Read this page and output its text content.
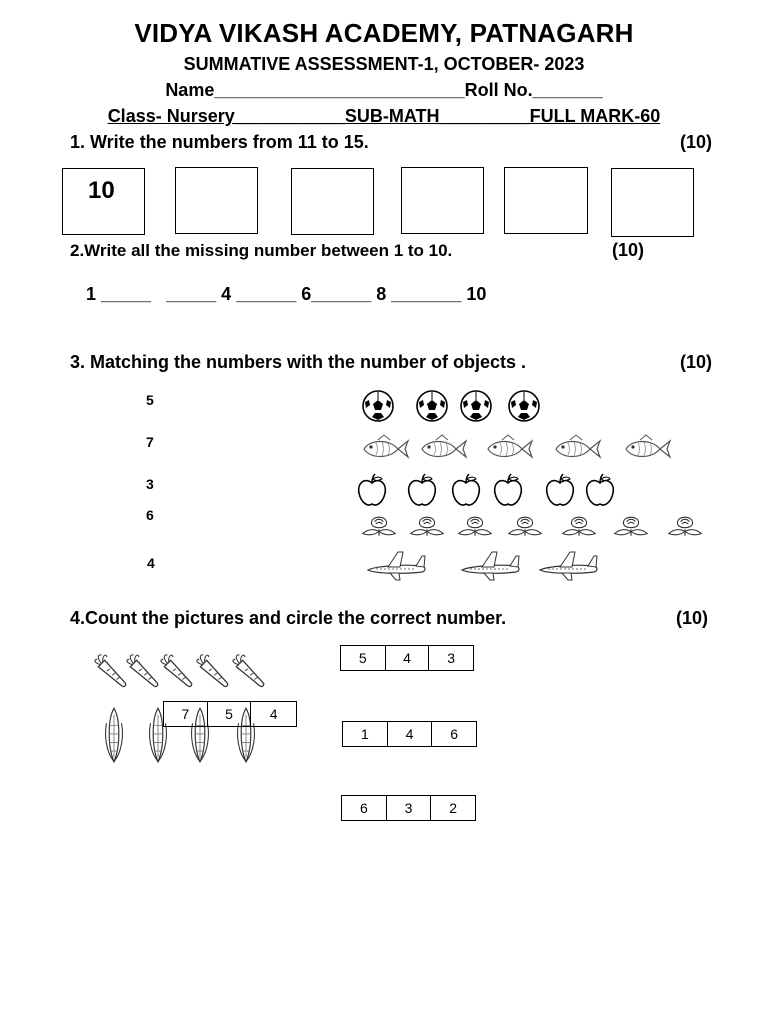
VIDYA VIKASH ACADEMY, PATNAGARH
SUMMATIVE ASSESSMENT-1, OCTOBER- 2023
Name_________________________Roll No._______
Class- Nursery___________SUB-MATH_________FULL MARK-60
1. Write the numbers from 11 to 15.	(10)
10
2.Write all the missing number between 1 to 10.	(10)
1 _____   _____ 4 ______ 6______ 8 _______ 10
3. Matching the numbers with the number of objects .	(10)
5
7
3
6
4
4.Count the pictures and circle the correct number.	(10)
5	4	3
7	5	4
1	4	6
6	3	2
